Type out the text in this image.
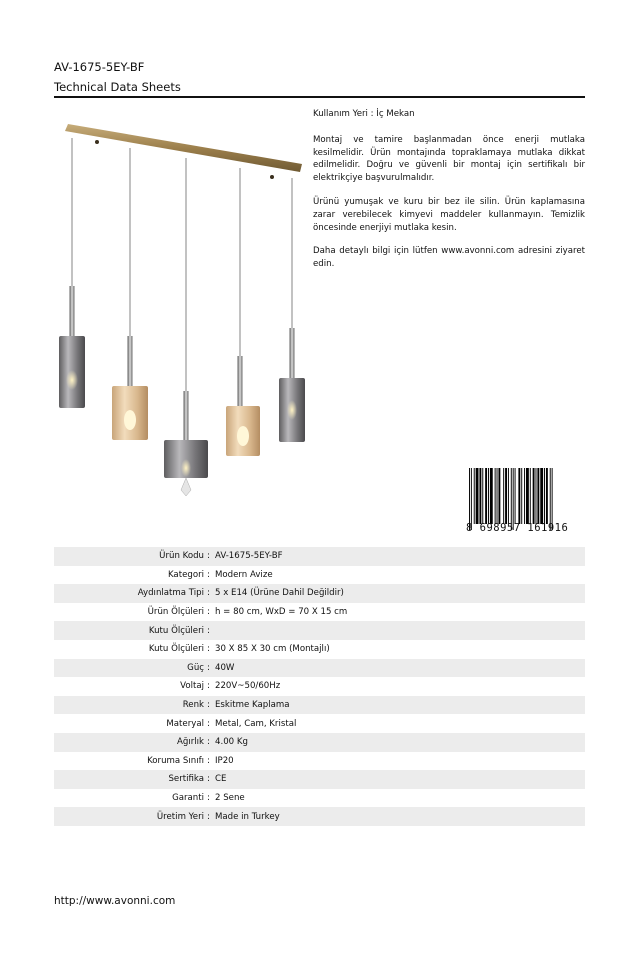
AV-1675-5EY-BF
Technical Data Sheets

Kullanım Yeri : İç Mekan

Montaj ve tamire başlanmadan önce enerji mutlaka kesilmelidir. Ürün montajında topraklamaya mutlaka dikkat edilmelidir. Doğru ve güvenli bir montaj için sertifikalı bir elektrikçiye başvurulmalıdır.

Ürünü yumuşak ve kuru bir bez ile silin. Ürün kaplamasına zarar verebilecek kimyevi maddeler kullanmayın. Temizlik öncesinde enerjiyi mutlaka kesin.

Daha detaylı bilgi için lütfen www.avonni.com adresini ziyaret edin.

8 698957 161916
Ürün Kodu : AV-1675-5EY-BF
Kategori : Modern Avize
Aydınlatma Tipi : 5 x E14 (Ürüne Dahil Değildir)
Ürün Ölçüleri : h = 80 cm, WxD = 70 X 15 cm
Kutu Ölçüleri :
Kutu Ölçüleri : 30 X 85 X 30 cm (Montajlı)
Güç : 40W
Voltaj : 220V~50/60Hz
Renk : Eskitme Kaplama
Materyal : Metal, Cam, Kristal
Ağırlık : 4.00 Kg
Koruma Sınıfı : IP20
Sertifika : CE
Garanti : 2 Sene
Üretim Yeri : Made in Turkey
http://www.avonni.com
